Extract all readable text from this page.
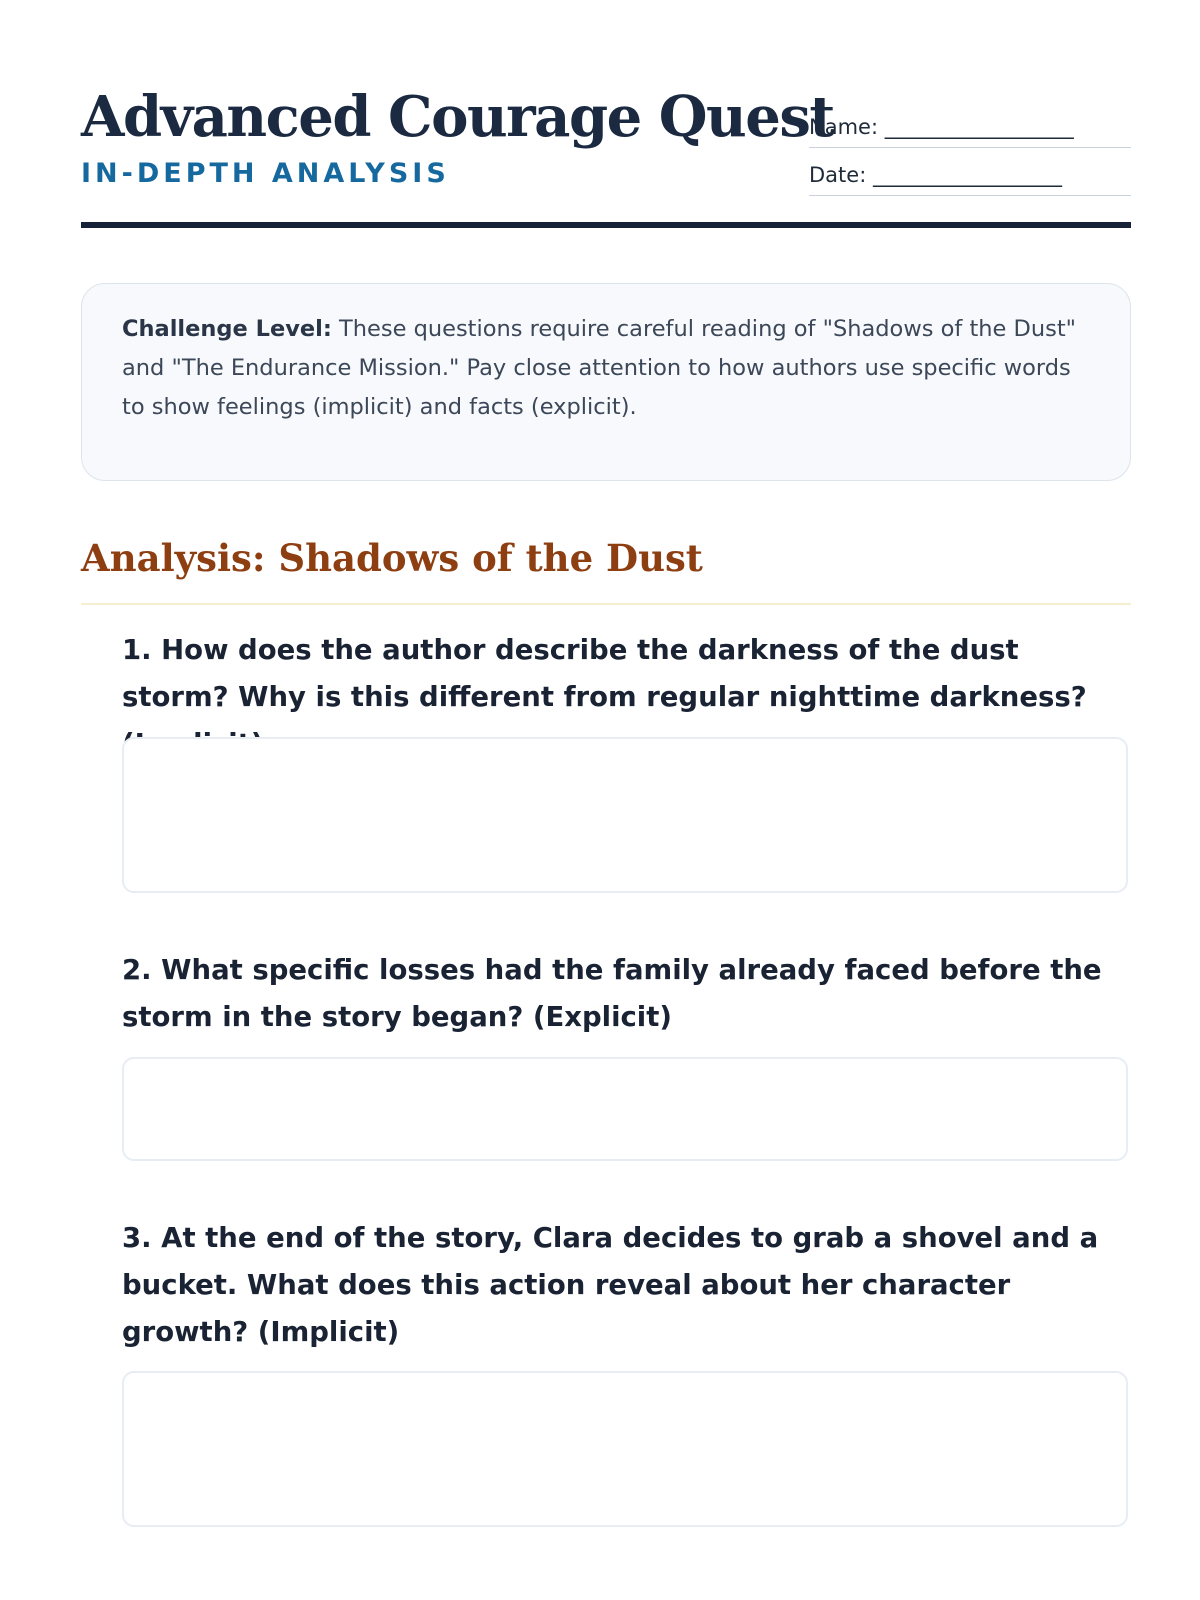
Advanced Courage Quest
IN-DEPTH ANALYSIS
Name: __________________
Date: __________________
Challenge Level: These questions require careful reading of "Shadows of the Dust" and "The Endurance Mission." Pay close attention to how authors use specific words to show feelings (implicit) and facts (explicit).
Analysis: Shadows of the Dust

1. How does the author describe the darkness of the dust storm? Why is this different from regular nighttime darkness?

2. What specific losses had the family already faced before the storm in the story began? (Explicit)

3. At the end of the story, Clara decides to grab a shovel and a bucket. What does this action reveal about her character growth? (Implicit)
